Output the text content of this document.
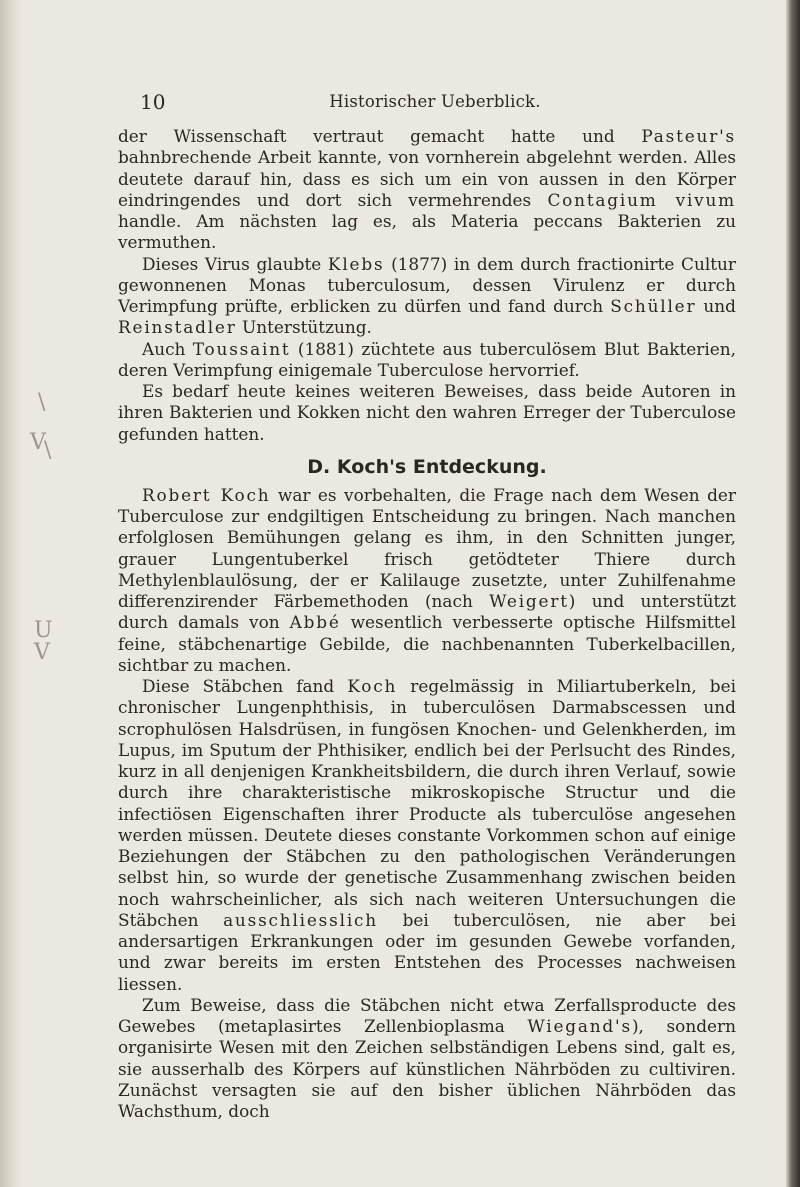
\
V
\
U
V
10	Historischer Ueberblick.

der Wissenschaft vertraut gemacht hatte und Pasteur's bahnbrechende Arbeit kannte, von vornherein abgelehnt werden. Alles deutete darauf hin, dass es sich um ein von aussen in den Körper eindringendes und dort sich vermehrendes Contagium vivum handle. Am nächsten lag es, als Materia peccans Bakterien zu vermuthen.

Dieses Virus glaubte Klebs (1877) in dem durch fractionirte Cultur gewonnenen Monas tuberculosum, dessen Virulenz er durch Verimpfung prüfte, erblicken zu dürfen und fand durch Schüller und Reinstadler Unterstützung.

Auch Toussaint (1881) züchtete aus tuberculösem Blut Bakterien, deren Verimpfung einigemale Tuberculose hervorrief.

Es bedarf heute keines weiteren Beweises, dass beide Autoren in ihren Bakterien und Kokken nicht den wahren Erreger der Tuberculose gefunden hatten.

D. Koch's Entdeckung.

Robert Koch war es vorbehalten, die Frage nach dem Wesen der Tuberculose zur endgiltigen Entscheidung zu bringen. Nach manchen erfolglosen Bemühungen gelang es ihm, in den Schnitten junger, grauer Lungentuberkel frisch getödteter Thiere durch Methylenblaulösung, der er Kalilauge zusetzte, unter Zuhilfenahme differenzirender Färbemethoden (nach Weigert) und unterstützt durch damals von Abbé wesentlich verbesserte optische Hilfsmittel feine, stäbchenartige Gebilde, die nachbenannten Tuberkelbacillen, sichtbar zu machen.

Diese Stäbchen fand Koch regelmässig in Miliartuberkeln, bei chronischer Lungenphthisis, in tuberculösen Darmabscessen und scrophulösen Halsdrüsen, in fungösen Knochen- und Gelenkherden, im Lupus, im Sputum der Phthisiker, endlich bei der Perlsucht des Rindes, kurz in all denjenigen Krankheitsbildern, die durch ihren Verlauf, sowie durch ihre charakteristische mikroskopische Structur und die infectiösen Eigenschaften ihrer Producte als tuberculöse angesehen werden müssen. Deutete dieses constante Vorkommen schon auf einige Beziehungen der Stäbchen zu den pathologischen Veränderungen selbst hin, so wurde der genetische Zusammenhang zwischen beiden noch wahrscheinlicher, als sich nach weiteren Untersuchungen die Stäbchen ausschliesslich bei tuberculösen, nie aber bei andersartigen Erkrankungen oder im gesunden Gewebe vorfanden, und zwar bereits im ersten Entstehen des Processes nachweisen liessen.

Zum Beweise, dass die Stäbchen nicht etwa Zerfallsproducte des Gewebes (metaplasirtes Zellenbioplasma Wiegand's), sondern organisirte Wesen mit den Zeichen selbständigen Lebens sind, galt es, sie ausserhalb des Körpers auf künstlichen Nährböden zu cultiviren. Zunächst versagten sie auf den bisher üblichen Nährböden das Wachsthum, doch
